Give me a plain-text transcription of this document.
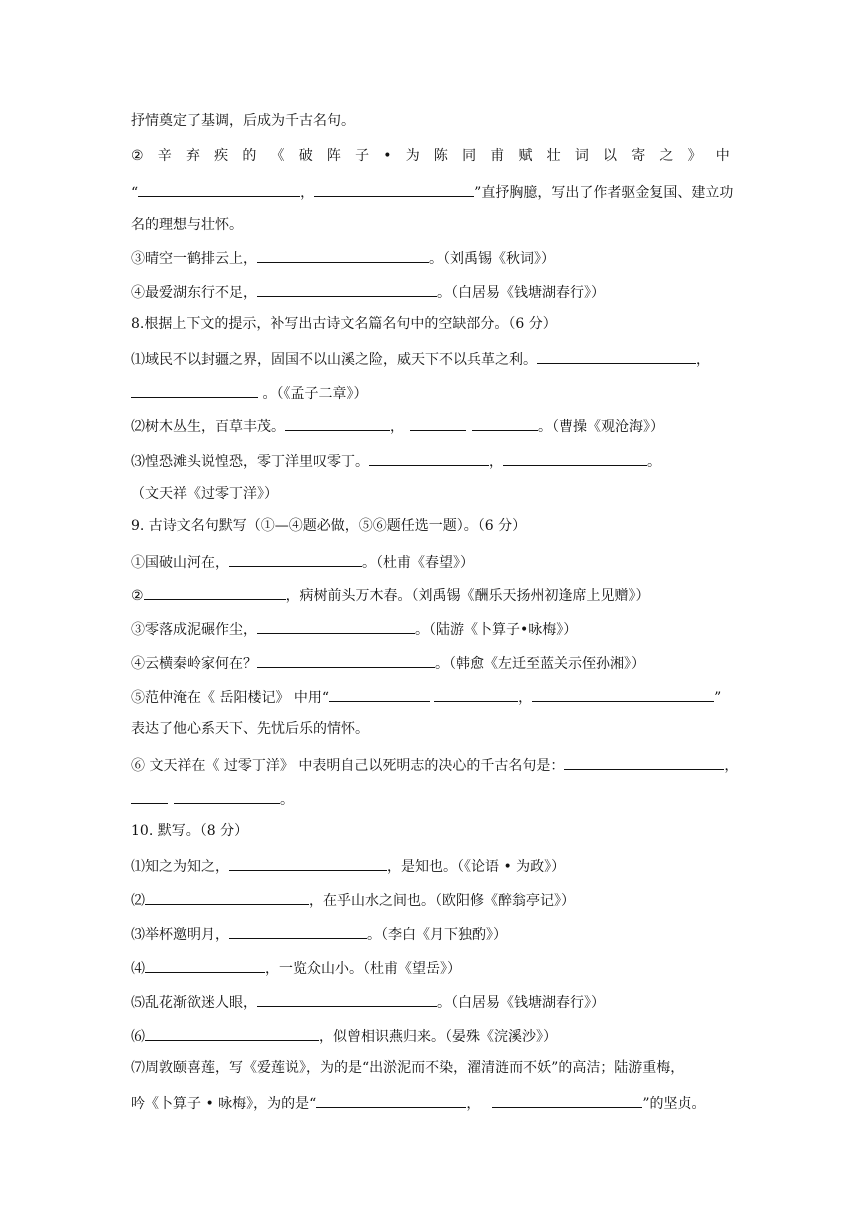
抒情奠定了基调，后成为千古名句。
② 辛 弃 疾 的 《 破 阵 子 • 为 陈 同 甫 赋 壮 词 以 寄 之 》 中
“	，	”直抒胸臆，写出了作者驱金复国、建立功
名的理想与壮怀。
③晴空一鹤排云上，	。（刘禹锡《秋词》）
④最爱湖东行不足，	。（白居易《钱塘湖春行》）
8.根据上下文的提示，补写出古诗文名篇名句中的空缺部分。（6 分）
⑴域民不以封疆之界，固国不以山溪之险，威天下不以兵革之利。	，
。（《孟子二章》）
⑵树木丛生，百草丰茂。	，	。（曹操《观沧海》）
⑶惶恐滩头说惶恐，零丁洋里叹零丁。	，	。
（文天祥《过零丁洋》）
9. 古诗文名句默写（①—④题必做，⑤⑥题任选一题）。（6 分）
①国破山河在，	。（杜甫《春望》）
②	，病树前头万木春。（刘禹锡《酬乐天扬州初逢席上见赠》）
③零落成泥碾作尘，	。（陆游《卜算子•咏梅》）
④云横秦岭家何在？	。（韩愈《左迁至蓝关示侄孙湘》）
⑤范仲淹在《 岳阳楼记》 中用“	，	”
表达了他心系天下、先忧后乐的情怀。
⑥ 文天祥在《 过零丁洋》 中表明自己以死明志的决心的千古名句是：	，
。
10. 默写。（8 分）
⑴知之为知之，	，是知也。（《论语 • 为政》）
⑵	，在乎山水之间也。（欧阳修《醉翁亭记》）
⑶举杯邀明月，	。（李白《月下独酌》）
⑷	，一览众山小。（杜甫《望岳》）
⑸乱花渐欲迷人眼，	。（白居易《钱塘湖春行》）
⑹	，似曾相识燕归来。（晏殊《浣溪沙》）
⑺周敦颐喜莲，写《爱莲说》，为的是“出淤泥而不染，濯清涟而不妖”的高洁；陆游重梅，
吟《卜算子 • 咏梅》，为的是“	，	”的坚贞。
